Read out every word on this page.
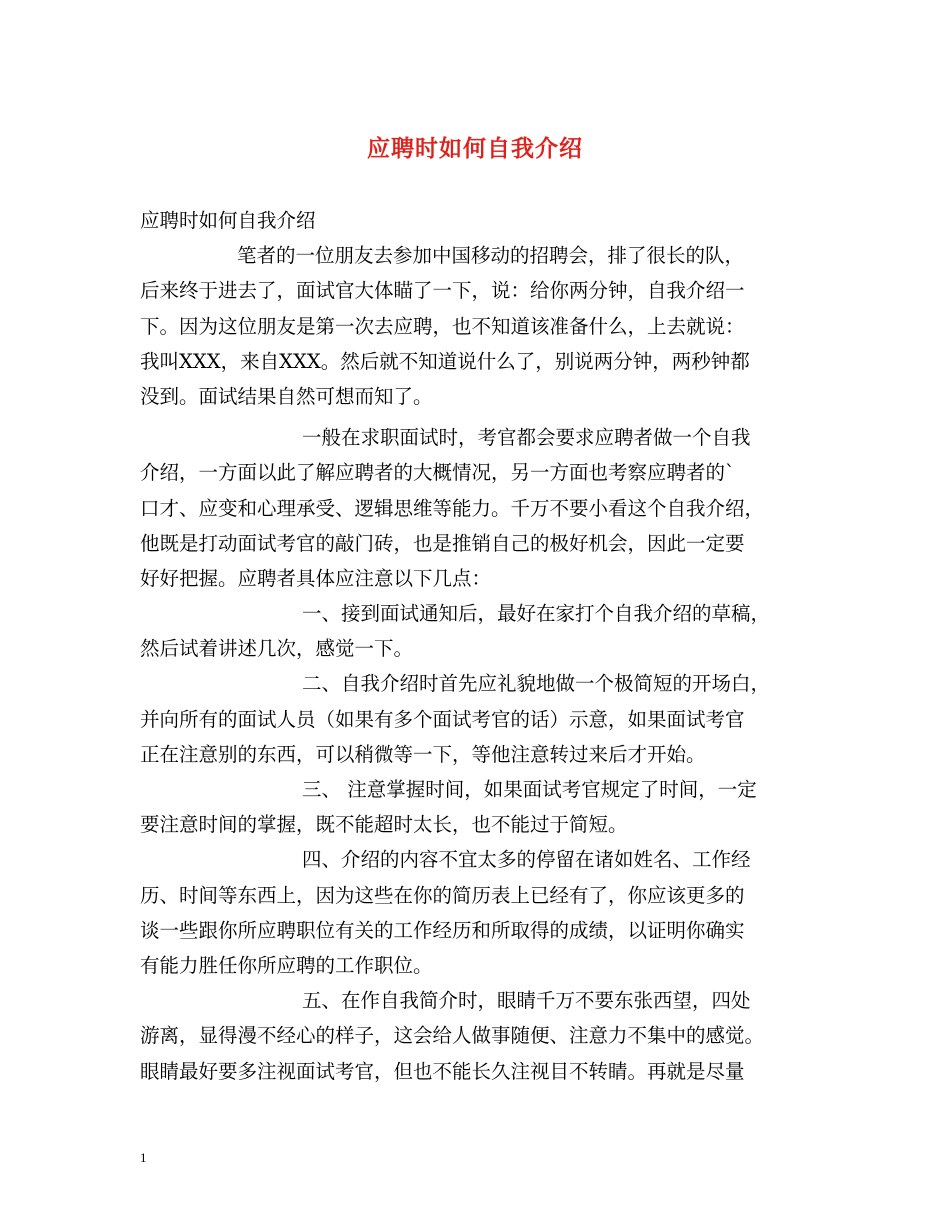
应聘时如何自我介绍
应聘时如何自我介绍
笔者的一位朋友去参加中国移动的招聘会，排了很长的队，
后来终于进去了，面试官大体瞄了一下，说：给你两分钟，自我介绍一
下。因为这位朋友是第一次去应聘，也不知道该准备什么，上去就说：
我叫XXX，来自XXX。然后就不知道说什么了，别说两分钟，两秒钟都
没到。面试结果自然可想而知了。
一般在求职面试时，考官都会要求应聘者做一个自我
介绍，一方面以此了解应聘者的大概情况，另一方面也考察应聘者的`
口才、应变和心理承受、逻辑思维等能力。千万不要小看这个自我介绍，
他既是打动面试考官的敲门砖，也是推销自己的极好机会，因此一定要
好好把握。应聘者具体应注意以下几点：
一、接到面试通知后，最好在家打个自我介绍的草稿，
然后试着讲述几次，感觉一下。
二、自我介绍时首先应礼貌地做一个极简短的开场白，
并向所有的面试人员（如果有多个面试考官的话）示意，如果面试考官
正在注意别的东西，可以稍微等一下，等他注意转过来后才开始。
三、 注意掌握时间，如果面试考官规定了时间，一定
要注意时间的掌握，既不能超时太长，也不能过于简短。
四、介绍的内容不宜太多的停留在诸如姓名、工作经
历、时间等东西上，因为这些在你的简历表上已经有了，你应该更多的
谈一些跟你所应聘职位有关的工作经历和所取得的成绩，以证明你确实
有能力胜任你所应聘的工作职位。
五、在作自我简介时，眼睛千万不要东张西望，四处
游离，显得漫不经心的样子，这会给人做事随便、注意力不集中的感觉。
眼睛最好要多注视面试考官，但也不能长久注视目不转睛。再就是尽量
1
